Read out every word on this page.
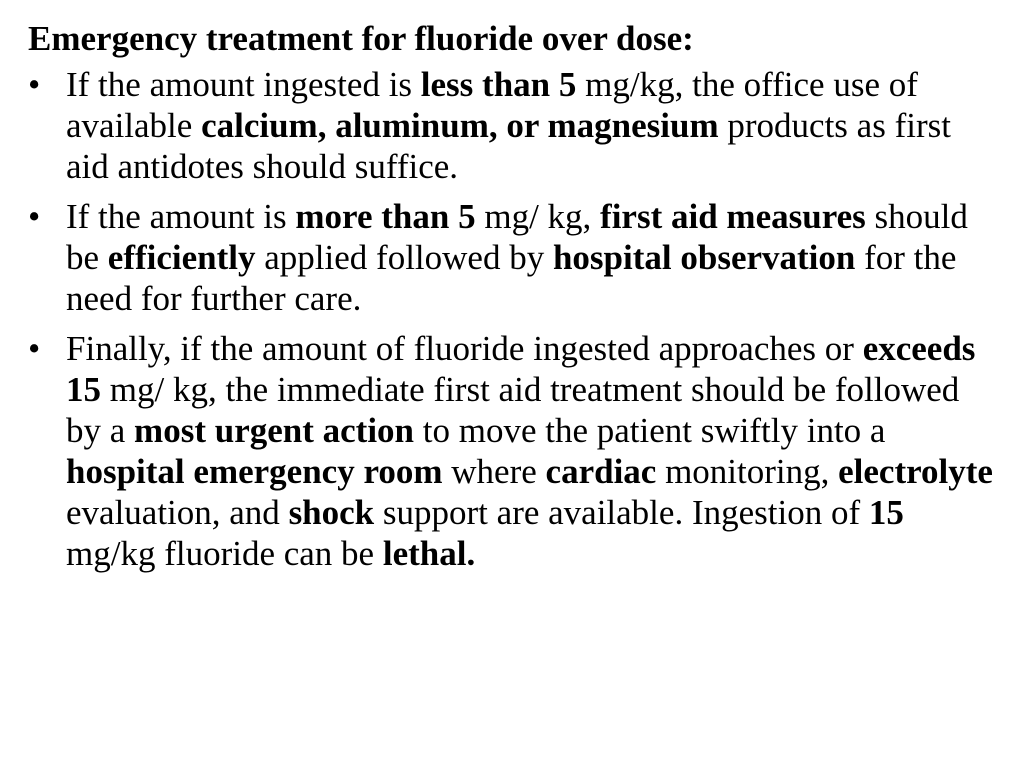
Emergency treatment for fluoride over dose:
• If the amount ingested is less than 5 mg/kg, the office use of available calcium, aluminum, or magnesium products as first aid antidotes should suffice.
• If the amount is more than 5 mg/ kg, first aid measures should be efficiently applied followed by hospital observation for the need for further care.
• Finally, if the amount of fluoride ingested approaches or exceeds 15 mg/ kg, the immediate first aid treatment should be followed by a most urgent action to move the patient swiftly into a hospital emergency room where cardiac monitoring, electrolyte evaluation, and shock support are available. Ingestion of 15 mg/kg fluoride can be lethal.
